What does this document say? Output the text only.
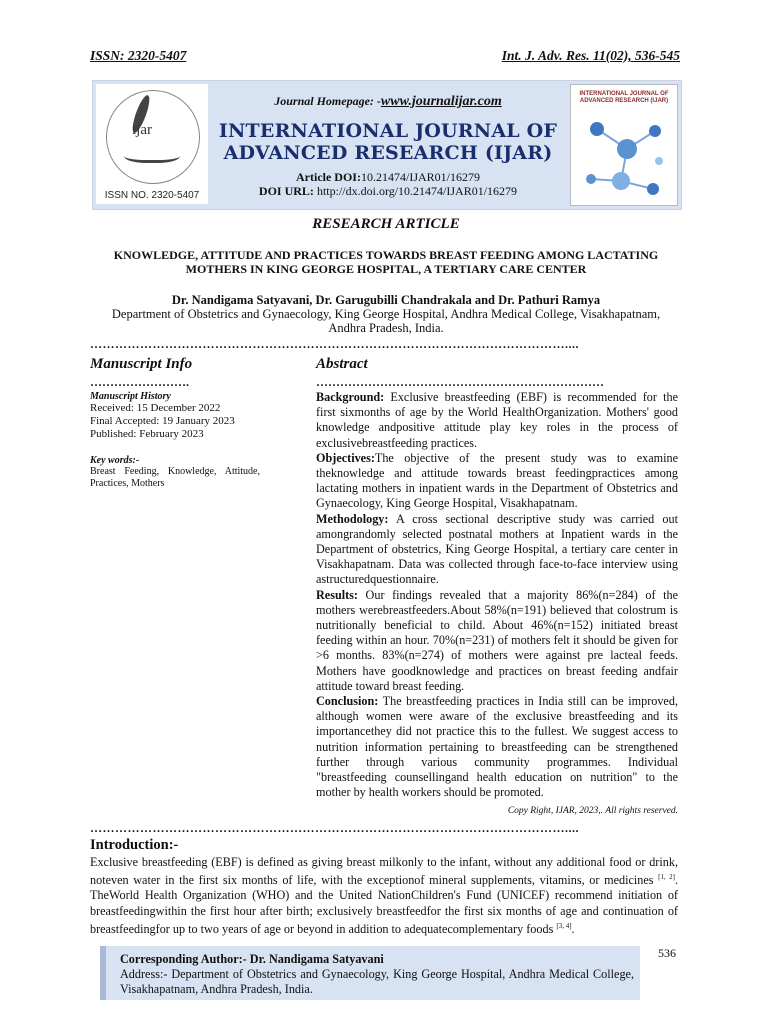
ISSN: 2320-5407	Int. J. Adv. Res. 11(02), 536-545
ijar
ISSN NO. 2320-5407
INTERNATIONAL JOURNAL OF ADVANCED RESEARCH (IJAR)
Journal Homepage: -www.journalijar.com
INTERNATIONAL JOURNAL OF
ADVANCED RESEARCH (IJAR)
Article DOI:10.21474/IJAR01/16279
DOI URL: http://dx.doi.org/10.21474/IJAR01/16279
RESEARCH ARTICLE
KNOWLEDGE, ATTITUDE AND PRACTICES TOWARDS BREAST FEEDING AMONG LACTATING
MOTHERS IN KING GEORGE HOSPITAL, A TERTIARY CARE CENTER
Dr. Nandigama Satyavani, Dr. Garugubilli Chandrakala and Dr. Pathuri Ramya
Department of Obstetrics and Gynaecology, King George Hospital, Andhra Medical College, Visakhapatnam,
Andhra Pradesh, India.
……………………………………………………………………………………………………....
Manuscript Info
…………………….
Manuscript History
Received: 15 December 2022
Final Accepted: 19 January 2023
Published: February 2023
Key words:-
Breast Feeding, Knowledge, Attitude, Practices, Mothers
Abstract
………………………………………………………………

Background: Exclusive breastfeeding (EBF) is recommended for the first sixmonths of age by the World HealthOrganization. Mothers' good knowledge andpositive attitude play key roles in the process of exclusivebreastfeeding practices.

Objectives:The objective of the present study was to examine theknowledge and attitude towards breast feedingpractices among lactating mothers in inpatient wards in the Department of Obstetrics and Gynaecology, King George Hospital, Visakhapatnam.

Methodology: A cross sectional descriptive study was carried out amongrandomly selected postnatal mothers at Inpatient wards in the Department of obstetrics, King George Hospital, a tertiary care center in Visakhapatnam. Data was collected through face-to-face interview using astructuredquestionnaire.

Results: Our findings revealed that a majority 86%(n=284) of the mothers werebreastfeeders.About 58%(n=191) believed that colostrum is nutritionally beneficial to child. About 46%(n=152) initiated breast feeding within an hour. 70%(n=231) of mothers felt it should be given for >6 months. 83%(n=274) of mothers were against pre lacteal feeds. Mothers have goodknowledge and practices on breast feeding andfair attitude toward breast feeding.

Conclusion: The breastfeeding practices in India still can be improved, although women were aware of the exclusive breastfeeding and its importancethey did not practice this to the fullest. We suggest access to nutrition information pertaining to breastfeeding can be strengthened further through various community programmes. Individual "breastfeeding counsellingand health education on nutrition" to the mother by health workers should be promoted.

Copy Right, IJAR, 2023,. All rights reserved.
……………………………………………………………………………………………………....
Introduction:-
Exclusive breastfeeding (EBF) is defined as giving breast milkonly to the infant, without any additional food or drink, noteven water in the first six months of life, with the exceptionof mineral supplements, vitamins, or medicines [1, 2]. TheWorld Health Organization (WHO) and the United NationChildren's Fund (UNICEF) recommend initiation of breastfeedingwithin the first hour after birth; exclusively breastfeedfor the first six months of age and continuation of breastfeedingfor up to two years of age or beyond in addition to adequatecomplementary foods [3, 4].
Corresponding Author:- Dr. Nandigama Satyavani
Address:- Department of Obstetrics and Gynaecology, King George Hospital, Andhra Medical College, Visakhapatnam, Andhra Pradesh, India.
536
